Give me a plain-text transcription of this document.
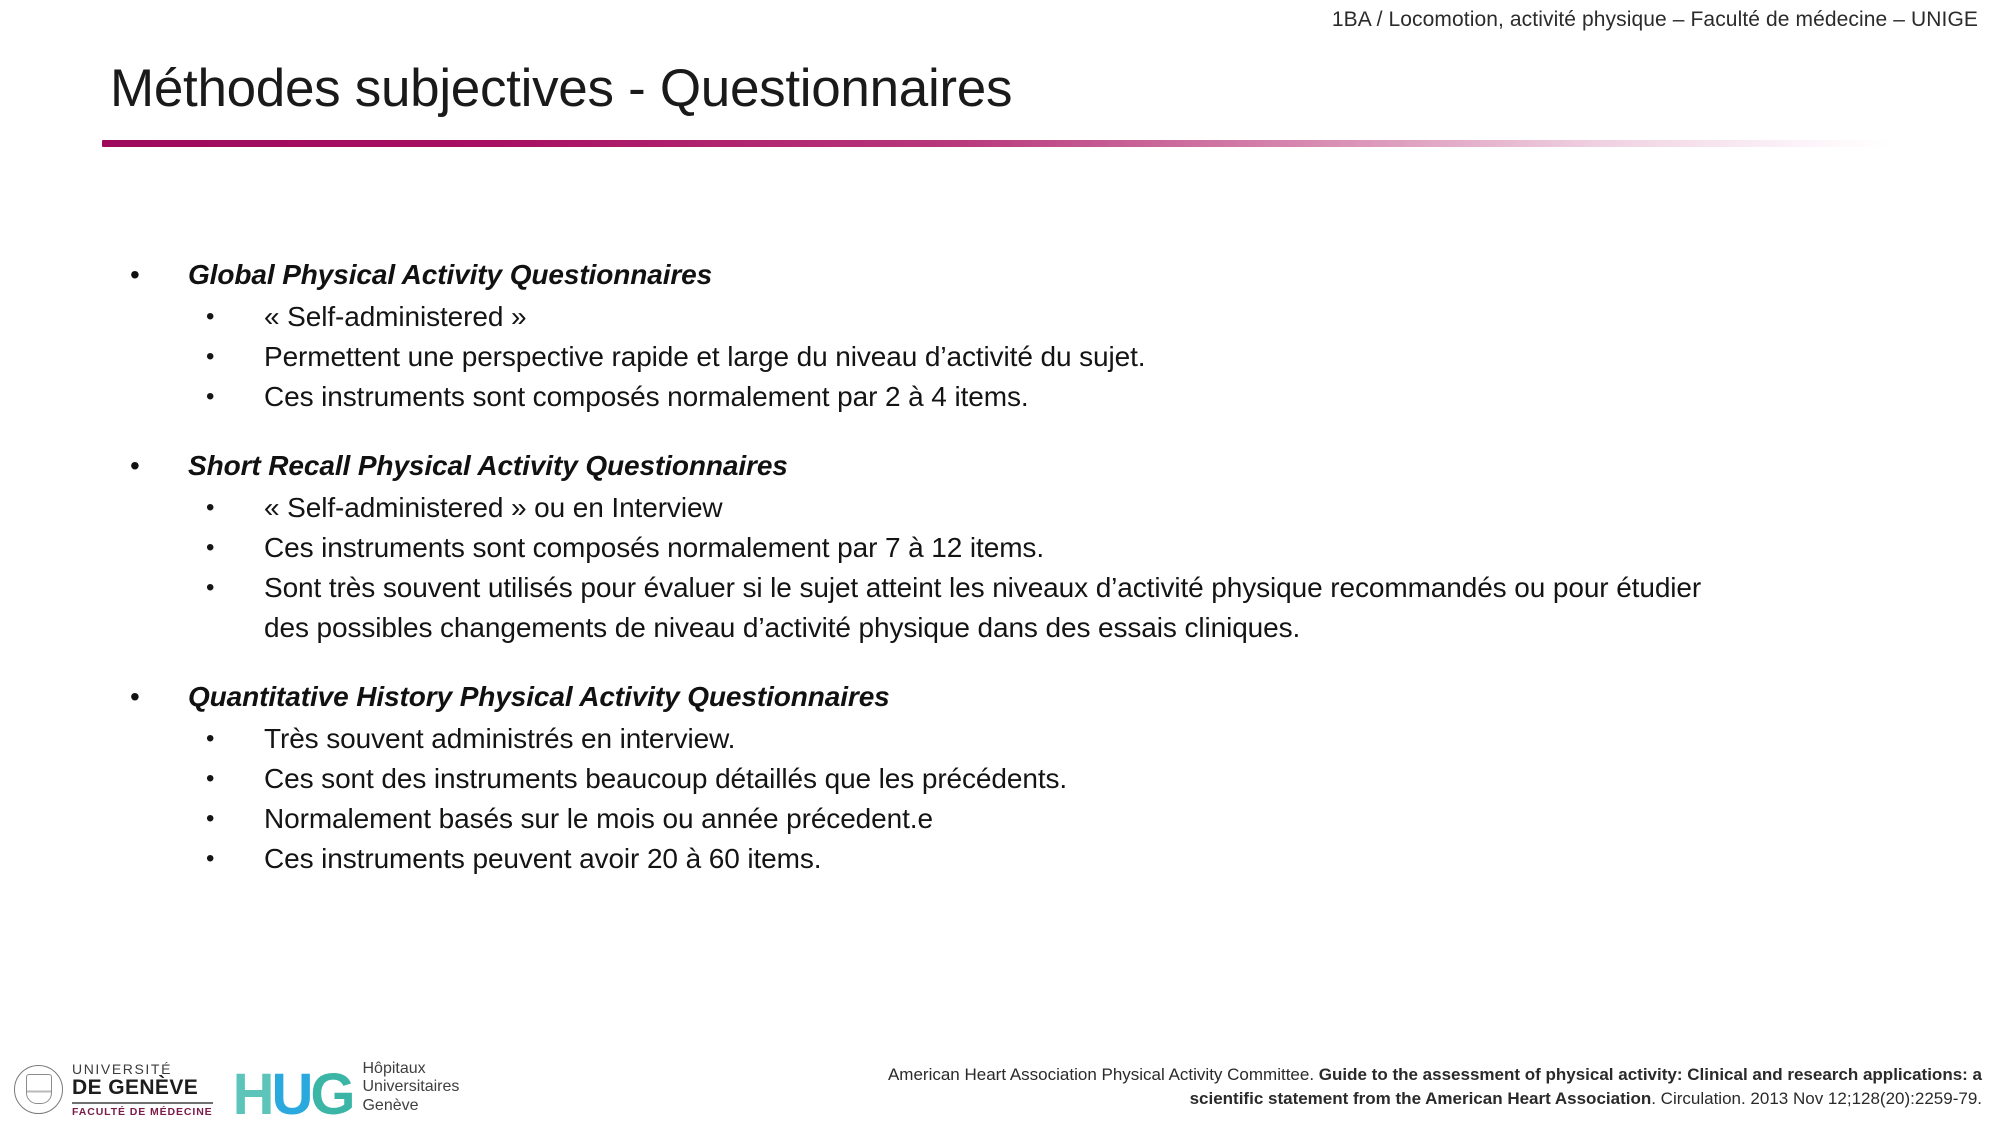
1BA / Locomotion, activité physique – Faculté de médecine – UNIGE
Méthodes subjectives - Questionnaires
• Global Physical Activity Questionnaires
• « Self-administered »
• Permettent une perspective rapide et large du niveau d’activité du sujet.
• Ces instruments sont composés normalement par 2 à 4 items.
• Short Recall Physical Activity Questionnaires
• « Self-administered » ou en Interview
• Ces instruments sont composés normalement par 7 à 12 items.
• Sont très souvent utilisés pour évaluer si le sujet atteint les niveaux d’activité physique recommandés ou pour étudier
des possibles changements de niveau d’activité physique dans des essais cliniques.
• Quantitative History Physical Activity Questionnaires
• Très souvent administrés en interview.
• Ces sont des instruments beaucoup détaillés que les précédents.
• Normalement basés sur le mois ou année précedent.e
• Ces instruments peuvent avoir 20 à 60 items.
UNIVERSITÉ
DE GENÈVE
FACULTÉ DE MÉDECINE HUG Hôpitaux
Universitaires
Genève
American Heart Association Physical Activity Committee. Guide to the assessment of physical activity: Clinical and research applications: a scientific statement from the American Heart Association. Circulation. 2013 Nov 12;128(20):2259-79.
